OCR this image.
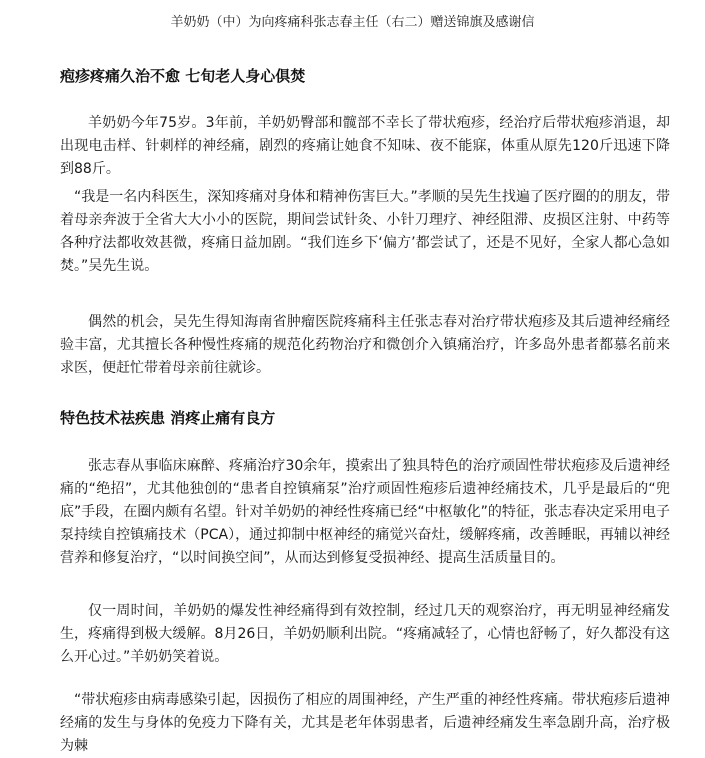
羊奶奶（中）为向疼痛科张志春主任（右二）赠送锦旗及感谢信
疱疹疼痛久治不愈 七旬老人身心俱焚

羊奶奶今年75岁。3年前，羊奶奶臀部和髋部不幸长了带状疱疹，经治疗后带状疱疹消退，却出现电击样、针刺样的神经痛，剧烈的疼痛让她食不知味、夜不能寐，体重从原先120斤迅速下降到88斤。

“我是一名内科医生，深知疼痛对身体和精神伤害巨大。”孝顺的吴先生找遍了医疗圈的的朋友，带着母亲奔波于全省大大小小的医院，期间尝试针灸、小针刀理疗、神经阻滞、皮损区注射、中药等各种疗法都收效甚微，疼痛日益加剧。“我们连乡下‘偏方’都尝试了，还是不见好，全家人都心急如焚。”吴先生说。

偶然的机会，吴先生得知海南省肿瘤医院疼痛科主任张志春对治疗带状疱疹及其后遗神经痛经验丰富，尤其擅长各种慢性疼痛的规范化药物治疗和微创介入镇痛治疗，许多岛外患者都慕名前来求医，便赶忙带着母亲前往就诊。

特色技术祛疾患 消疼止痛有良方

张志春从事临床麻醉、疼痛治疗30余年，摸索出了独具特色的治疗顽固性带状疱疹及后遗神经痛的“绝招”，尤其他独创的“患者自控镇痛泵”治疗顽固性疱疹后遗神经痛技术，几乎是最后的“兜底”手段，在圈内颇有名望。针对羊奶奶的神经性疼痛已经“中枢敏化”的特征，张志春决定采用电子泵持续自控镇痛技术（PCA），通过抑制中枢神经的痛觉兴奋灶，缓解疼痛，改善睡眠，再辅以神经营养和修复治疗，“以时间换空间”，从而达到修复受损神经、提高生活质量目的。

仅一周时间，羊奶奶的爆发性神经痛得到有效控制，经过几天的观察治疗，再无明显神经痛发生，疼痛得到极大缓解。8月26日，羊奶奶顺利出院。“疼痛减轻了，心情也舒畅了，好久都没有这么开心过。”羊奶奶笑着说。

“带状疱疹由病毒感染引起，因损伤了相应的周围神经，产生严重的神经性疼痛。带状疱疹后遗神经痛的发生与身体的免疫力下降有关，尤其是老年体弱患者，后遗神经痛发生率急剧升高，治疗极为棘
